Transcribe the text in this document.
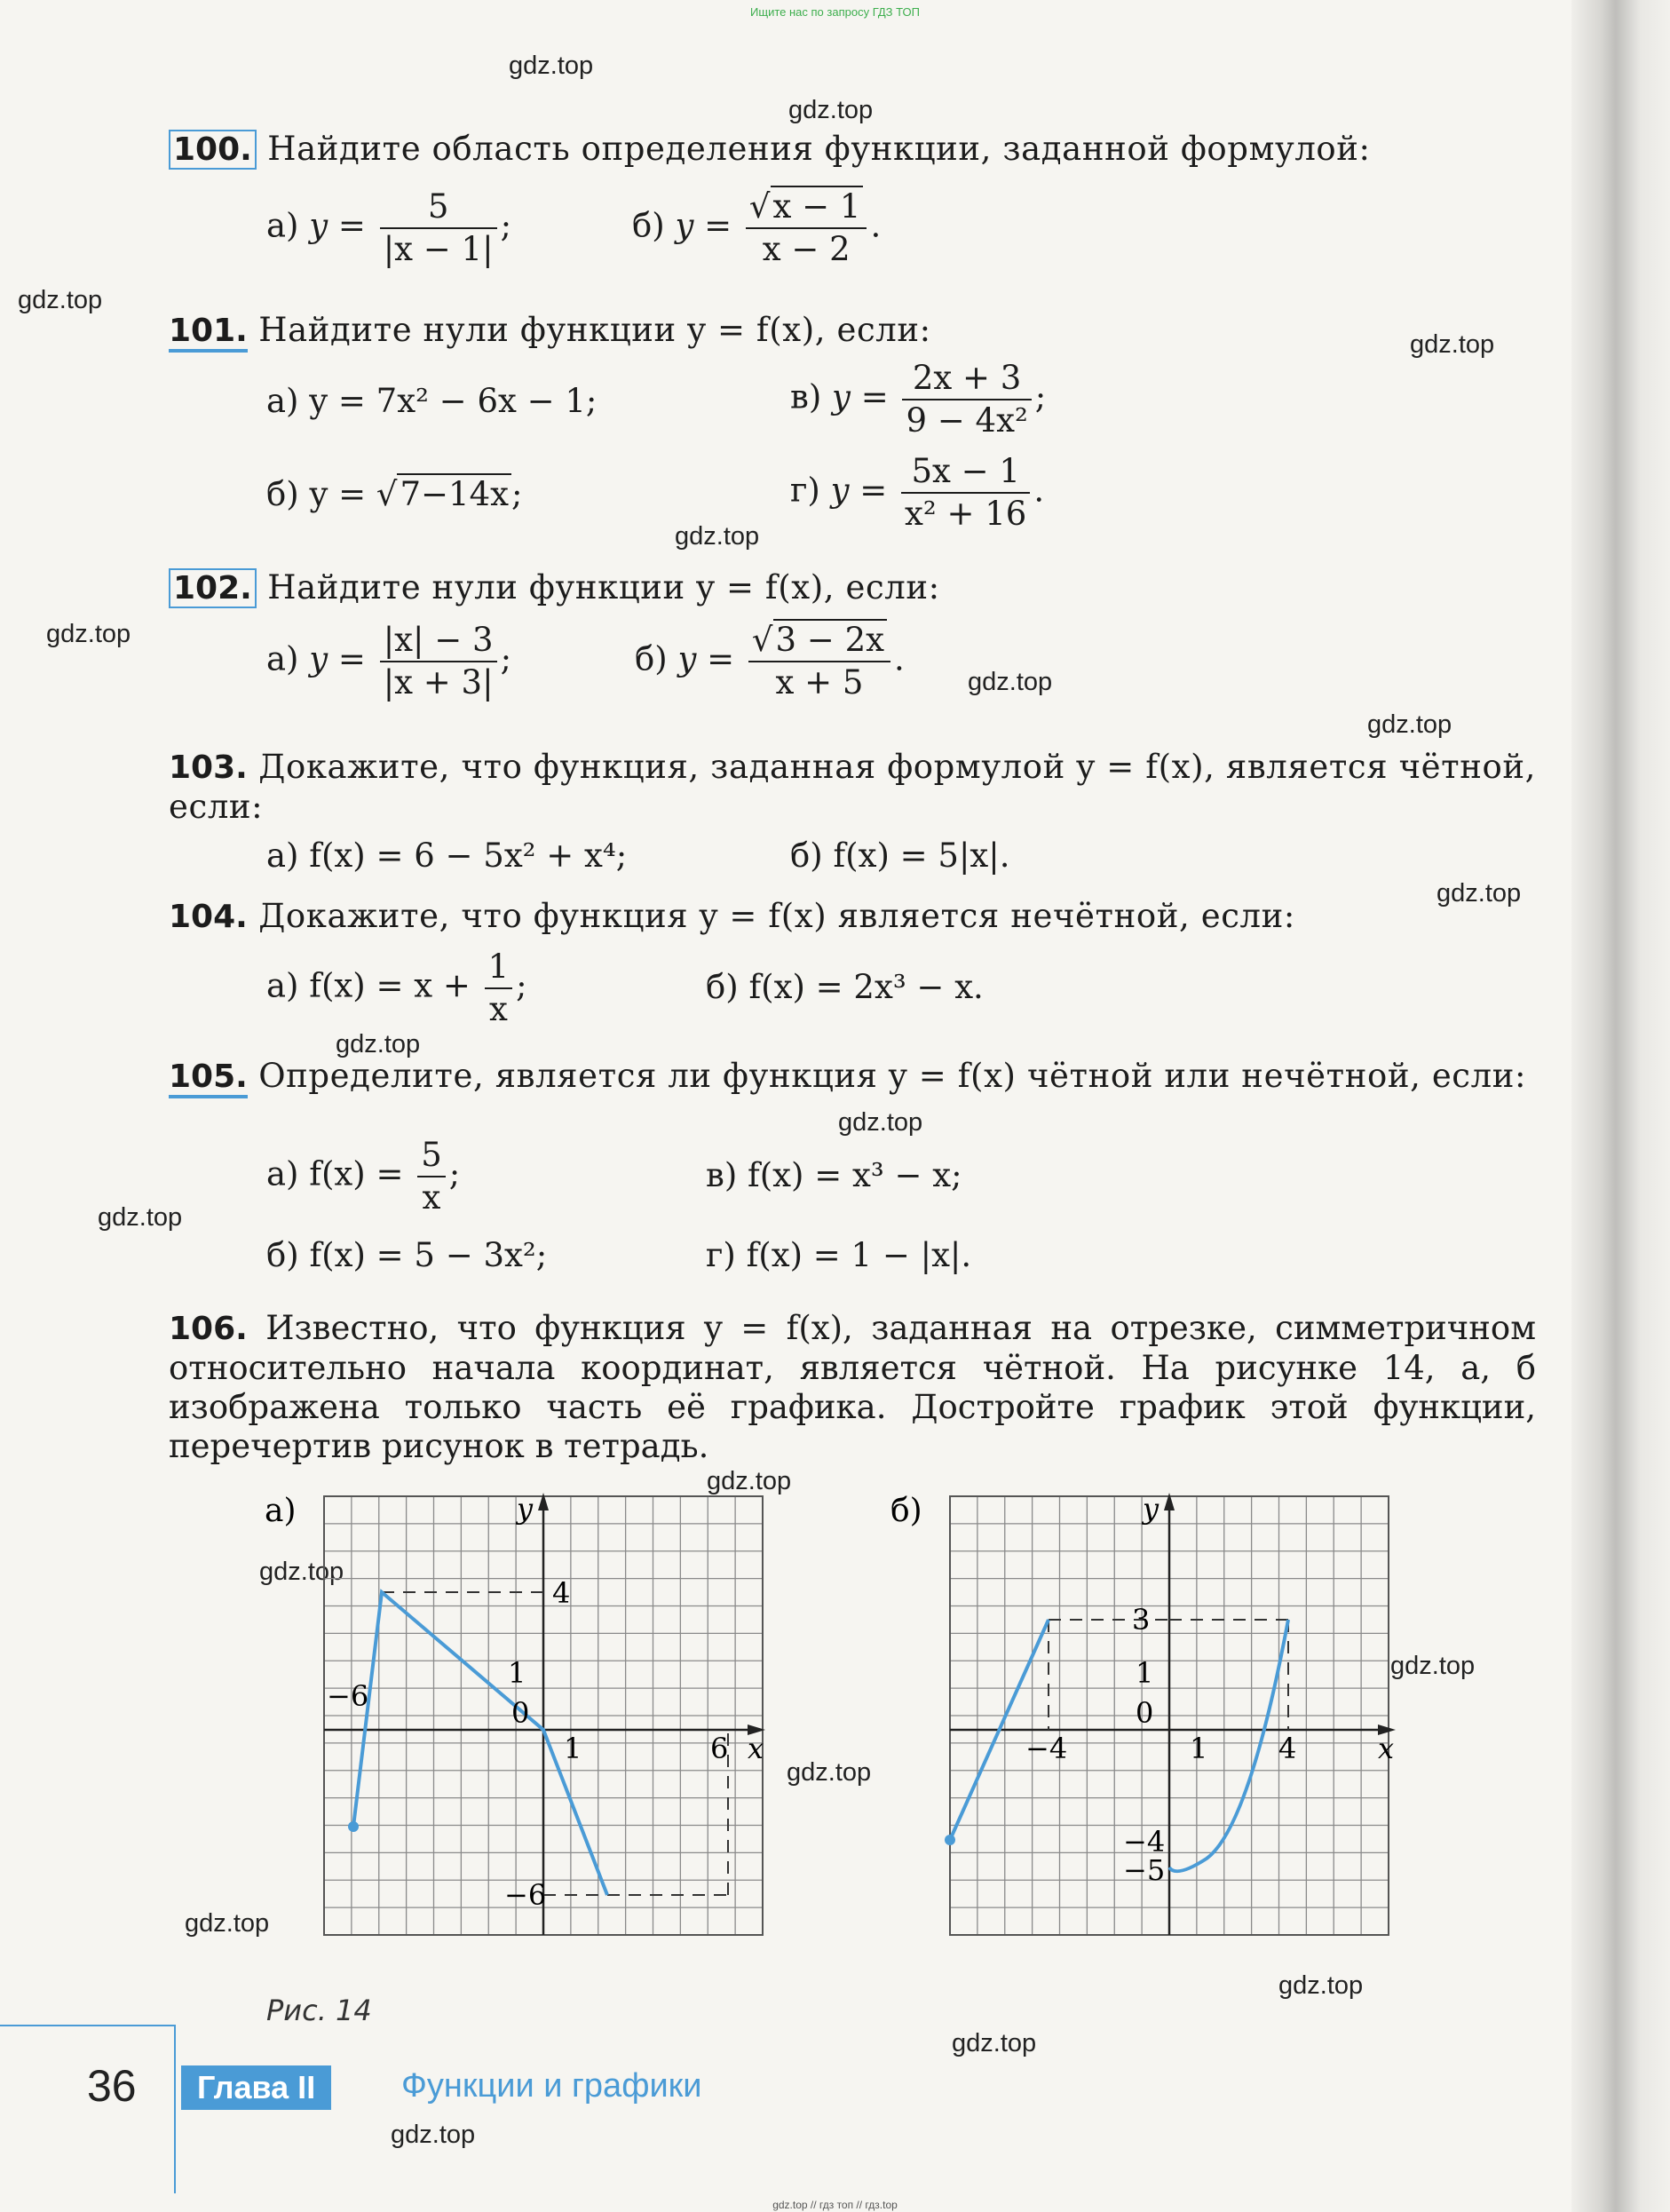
Ищите нас по запросу ГДЗ ТОП
gdz.top
gdz.top
gdz.top
gdz.top
gdz.top
gdz.top
gdz.top
gdz.top
gdz.top
gdz.top
gdz.top
gdz.top
gdz.top
gdz.top
gdz.top
gdz.top
gdz.top
gdz.top
gdz.top
gdz.top
100. Найдите область определения функции, заданной формулой:
а) $y = \frac{5}{|x - 1|}$ ;	б) $y = \frac{√x - 1}{x - 2}$ .
101. Найдите нули функции y = f(x), если:
а) y = 7x² − 6x − 1;
б) y = √7−14x;
в) $y = \frac{2x + 3}{\text{9 − 4x²}}$ ;
г) $y = \frac{5x - 1}{\text{x² + 16}}$ .
102. Найдите нули функции y = f(x), если:
а) $y = \frac{|x| - 3}{|x + 3|}$ ;	б) $y = \frac{√3 - 2x}{x + 5}$ .
103. Докажите, что функция, заданная формулой y = f(x), является чётной, если:
а) f(x) = 6 − 5x² + x⁴;	б) f(x) = 5|x|.
104. Докажите, что функция y = f(x) является нечётной, если:
а) $f(x) = x + \frac{1}{x}$ ;	б) f(x) = 2x³ − x.
105. Определите, является ли функция y = f(x) чётной или нечётной, если:
а) $f(x) = \frac{5}{x}$ ;	в) f(x) = x³ − x;
б) f(x) = 5 − 3x²;	г) f(x) = 1 − |x|.
106. Известно, что функция y = f(x), заданная на отрезке, симметричном относительно начала координат, является чётной. На рисунке 14, а, б изображена только часть её графика. Достройте график этой функции, перечертив рисунок в тетрадь.
а)	y
x
4
1
−6	0
1	6
−6
б)	y
x
3
1
−4
0
1 4
−4
−5
Рис. 14
36	Глава II	Функции и графики
gdz.top // гдз топ // гдз.top
